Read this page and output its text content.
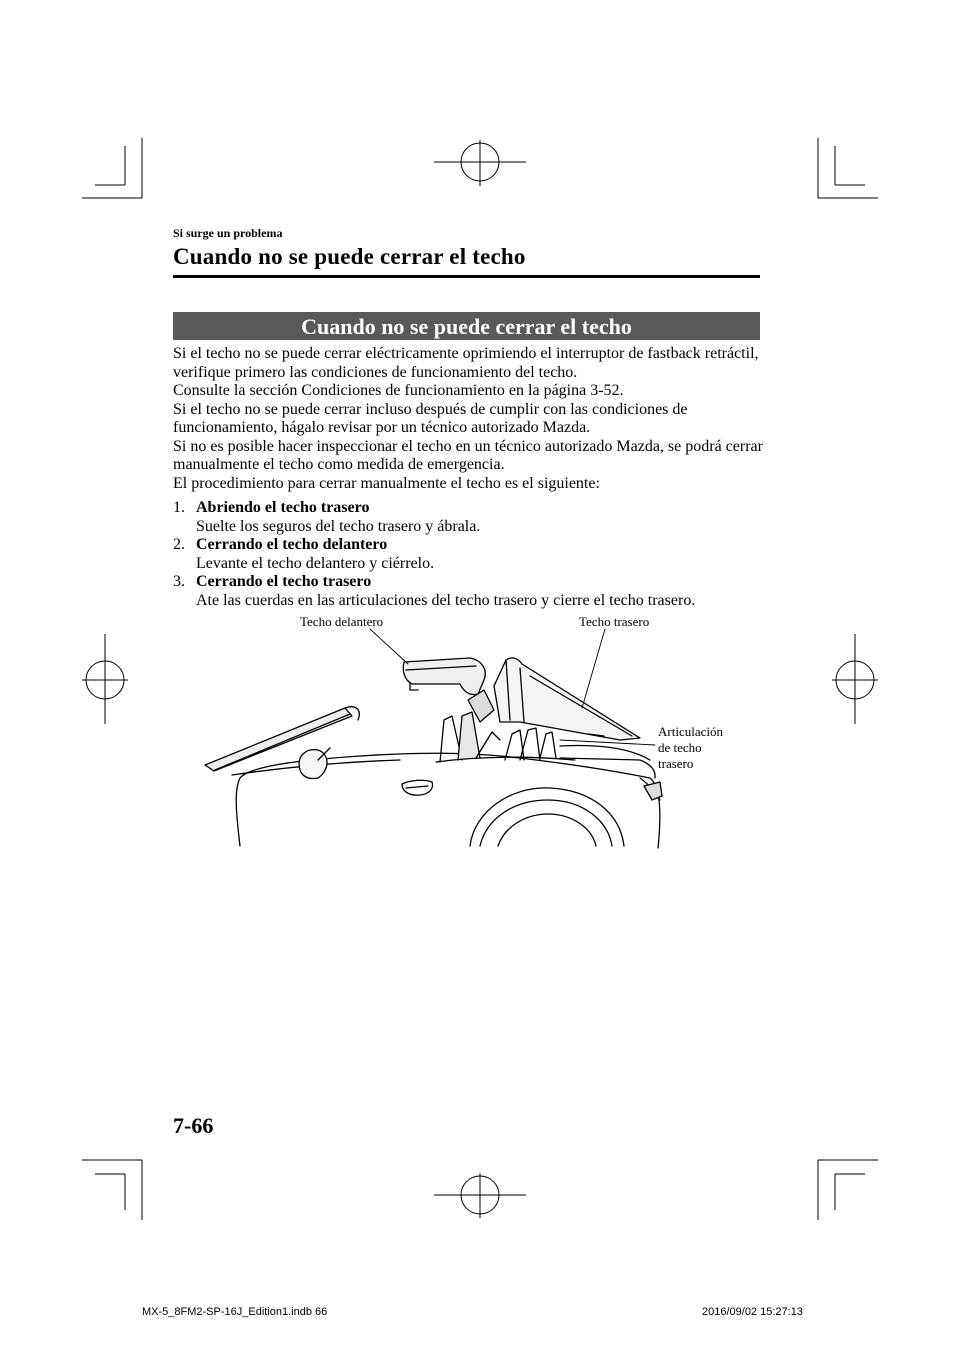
Si surge un problema
Cuando no se puede cerrar el techo
Cuando no se puede cerrar el techo

Si el techo no se puede cerrar eléctricamente oprimiendo el interruptor de fastback retráctil,

verifique primero las condiciones de funcionamiento del techo.

Consulte la sección Condiciones de funcionamiento en la página 3-52.

Si el techo no se puede cerrar incluso después de cumplir con las condiciones de

funcionamiento, hágalo revisar por un técnico autorizado Mazda.

Si no es posible hacer inspeccionar el techo en un técnico autorizado Mazda, se podrá cerrar

manualmente el techo como medida de emergencia.

El procedimiento para cerrar manualmente el techo es el siguiente:

1. Abriendo el techo trasero
Suelte los seguros del techo trasero y ábrala.
2. Cerrando el techo delantero
Levante el techo delantero y ciérrelo.
3. Cerrando el techo trasero
Ate las cuerdas en las articulaciones del techo trasero y cierre el techo trasero.
Techo delantero	Techo trasero
Articulación
de techo
trasero
7-66
MX-5_8FM2-SP-16J_Edition1.indb 66	2016/09/02 15:27:13
